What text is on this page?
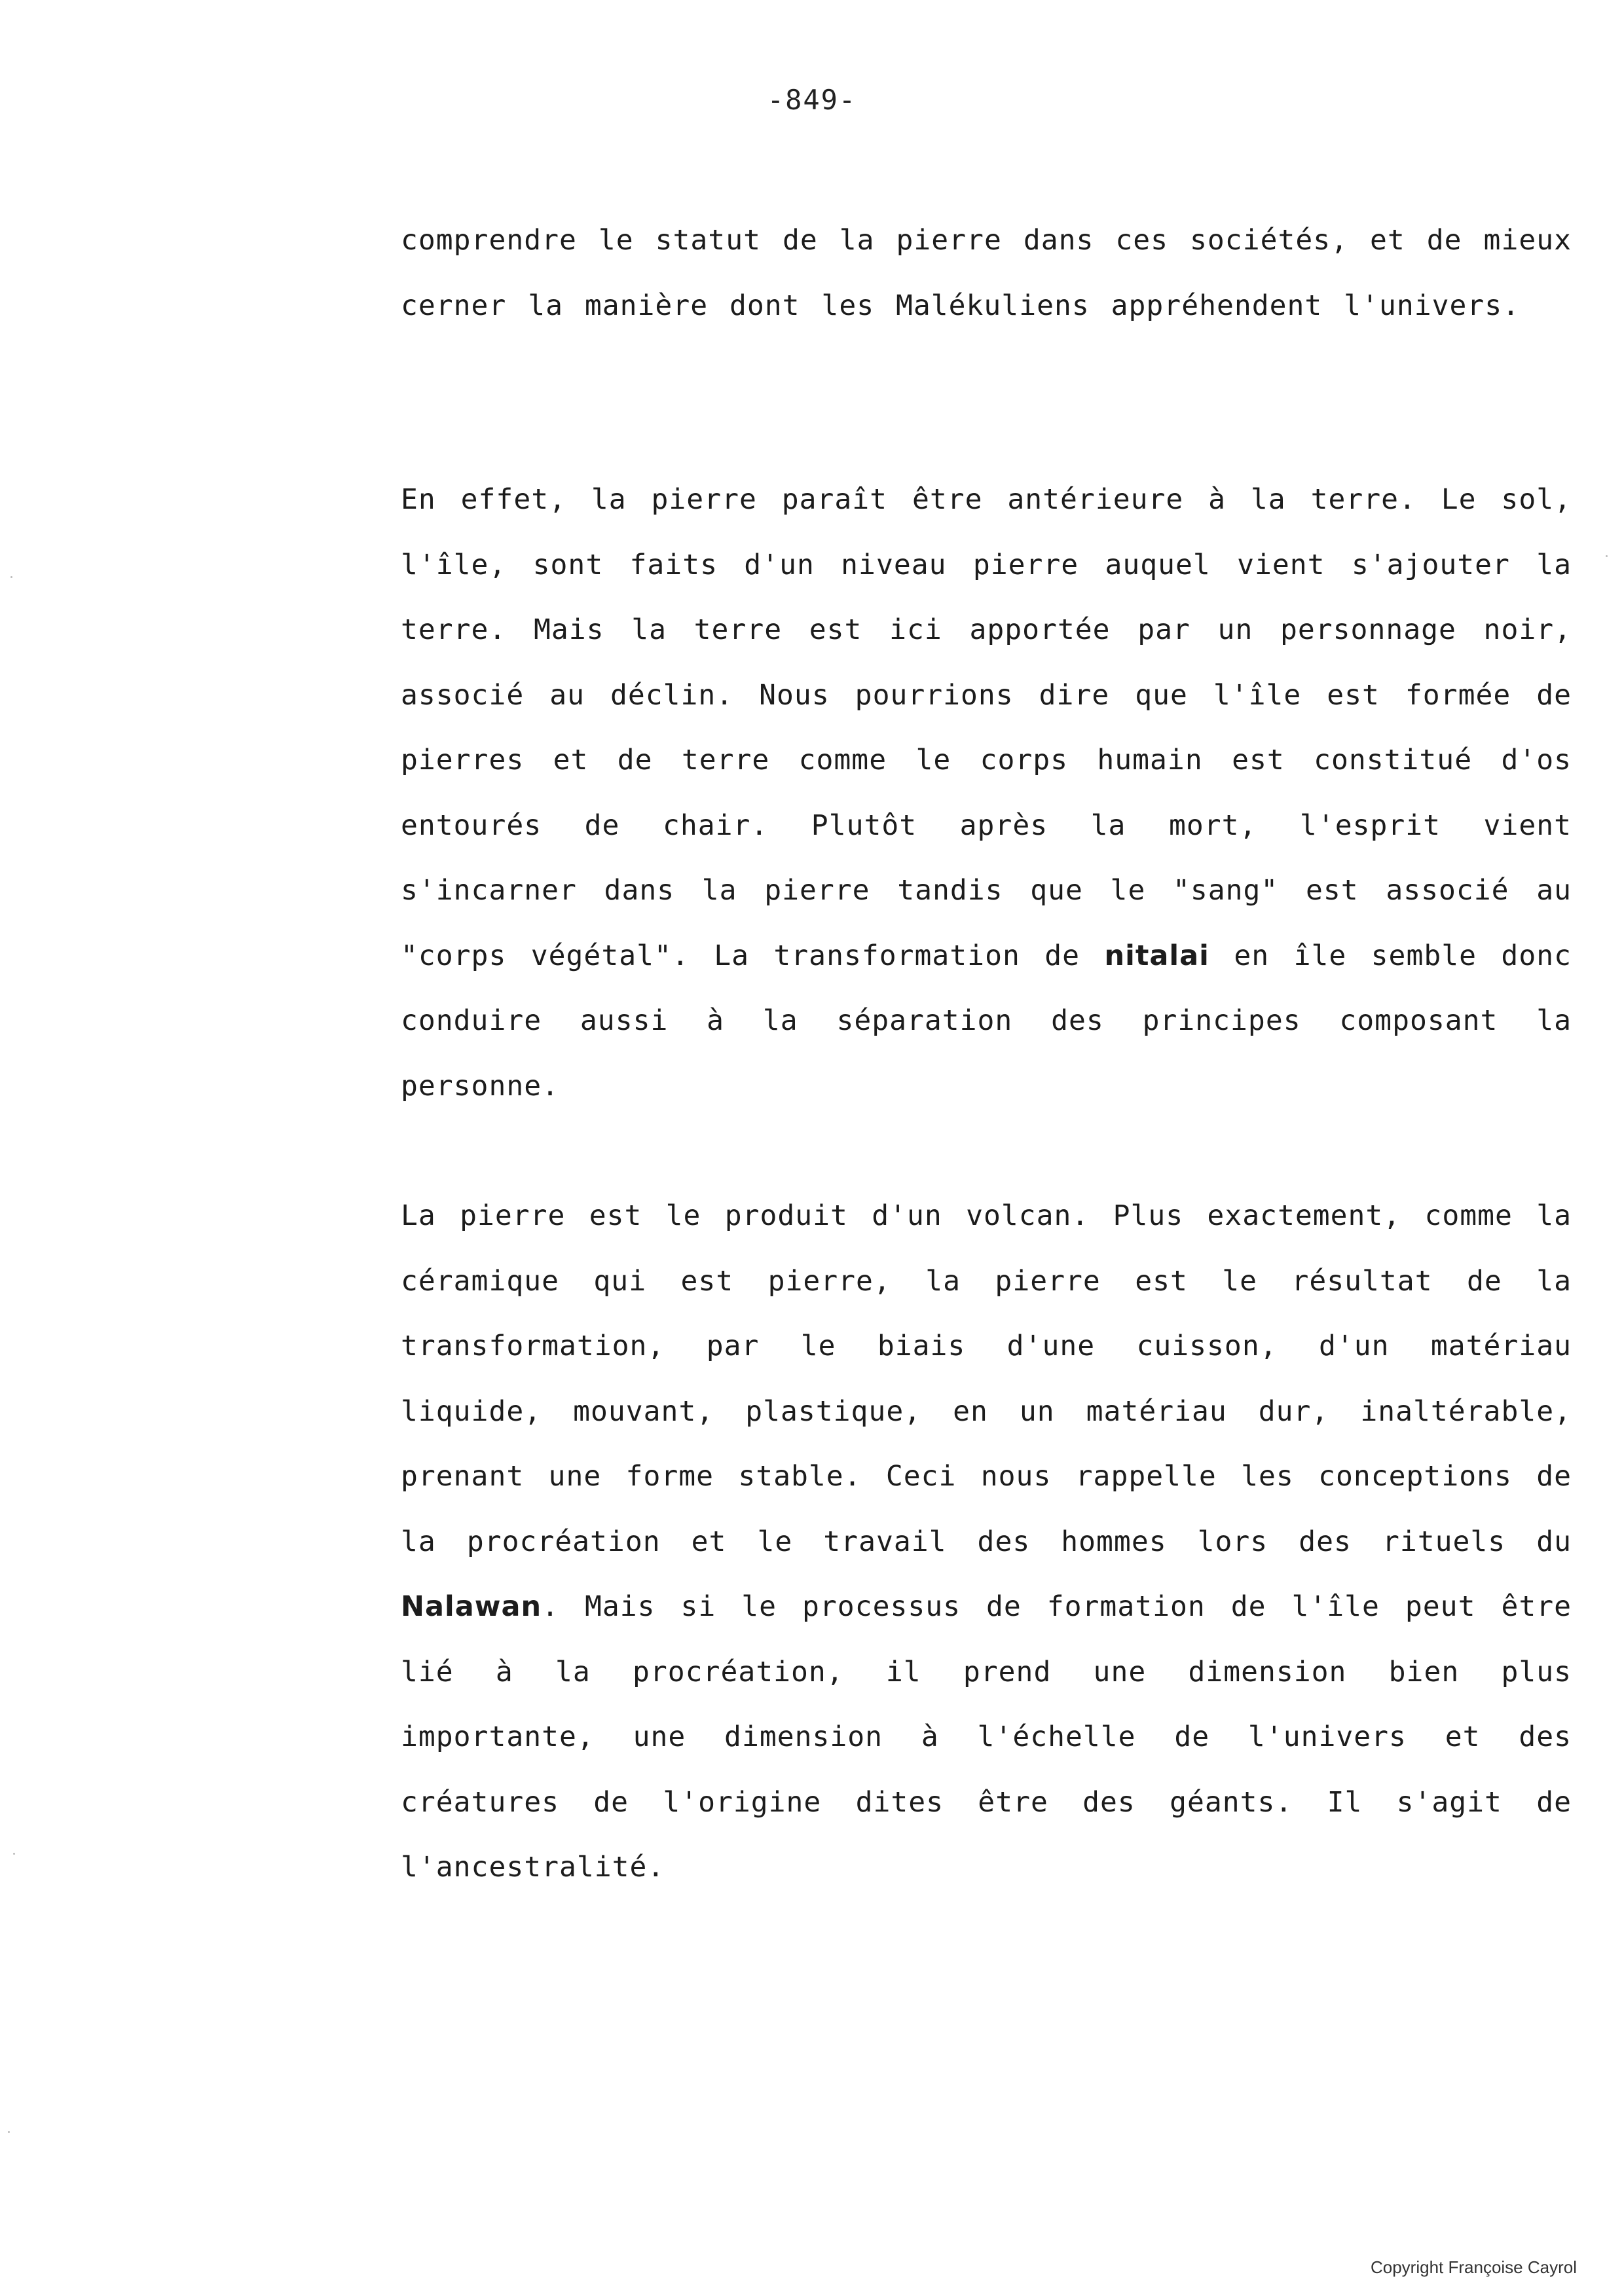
-849-

comprendre le statut de la pierre dans ces sociétés, et de mieux cerner la manière dont les Malékuliens appréhendent l'univers.

En effet, la pierre paraît être antérieure à la terre. Le sol, l'île, sont faits d'un niveau pierre auquel vient s'ajouter la terre. Mais la terre est ici apportée par un personnage noir, associé au déclin. Nous pourrions dire que l'île est formée de pierres et de terre comme le corps humain est constitué d'os entourés de chair. Plutôt après la mort, l'esprit vient s'incarner dans la pierre tandis que le "sang" est associé au "corps végétal". La transformation de nitalai en île semble donc conduire aussi à la séparation des principes composant la personne.

La pierre est le produit d'un volcan. Plus exactement, comme la céramique qui est pierre, la pierre est le résultat de la transformation, par le biais d'une cuisson, d'un matériau liquide, mouvant, plastique, en un matériau dur, inaltérable, prenant une forme stable. Ceci nous rappelle les conceptions de la procréation et le travail des hommes lors des rituels du Nalawan. Mais si le processus de formation de l'île peut être lié à la procréation, il prend une dimension bien plus importante, une dimension à l'échelle de l'univers et des créatures de l'origine dites être des géants. Il s'agit de l'ancestralité.

Copyright Françoise Cayrol
